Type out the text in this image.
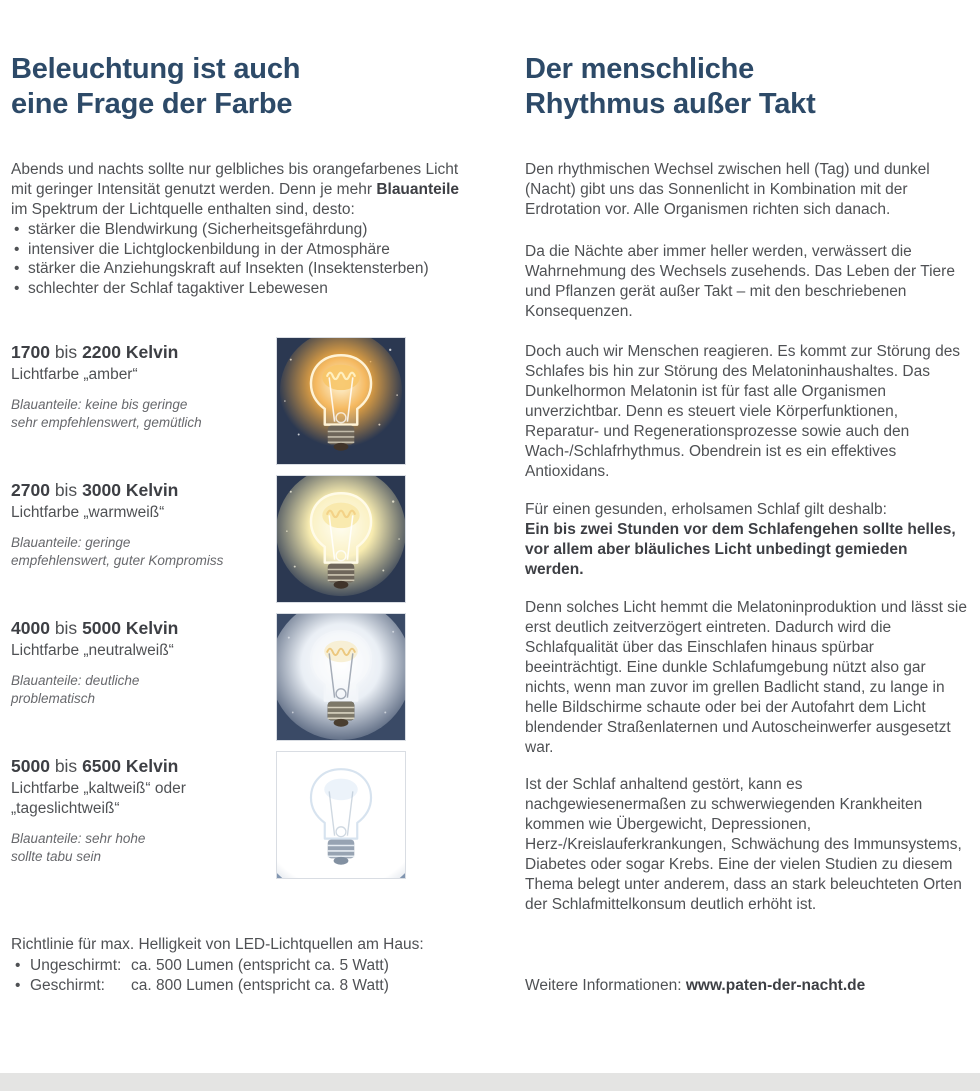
Beleuchtung ist auch
eine Frage der Farbe

Abends und nachts sollte nur gelbliches bis orangefarbenes Licht mit geringer Intensität genutzt werden. Denn je mehr Blauanteile im Spektrum der Lichtquelle enthalten sind, desto:

• stärker die Blendwirkung (Sicherheitsgefährdung)
• intensiver die Lichtglockenbildung in der Atmosphäre
• stärker die Anziehungskraft auf Insekten (Insektensterben)
• schlechter der Schlaf tagaktiver Lebewesen
1700 bis 2200 Kelvin
Lichtfarbe „amber“
Blauanteile: keine bis geringe
sehr empfehlenswert, gemütlich
2700 bis 3000 Kelvin
Lichtfarbe „warmweiß“
Blauanteile: geringe
empfehlenswert, guter Kompromiss
4000 bis 5000 Kelvin
Lichtfarbe „neutralweiß“
Blauanteile: deutliche
problematisch
5000 bis 6500 Kelvin
Lichtfarbe „kaltweiß“ oder „tageslichtweiß“
Blauanteile: sehr hohe
sollte tabu sein

Richtlinie für max. Helligkeit von LED-Lichtquellen am Haus:

• Ungeschirmt: ca. 500 Lumen (entspricht ca. 5 Watt)
• Geschirmt:	ca. 800 Lumen (entspricht ca. 8 Watt)
Der menschliche
Rhythmus außer Takt

Den rhythmischen Wechsel zwischen hell (Tag) und dunkel (Nacht) gibt uns das Sonnenlicht in Kombination mit der Erdrotation vor. Alle Organismen richten sich danach.

Da die Nächte aber immer heller werden, verwässert die Wahrnehmung des Wechsels zusehends. Das Leben der Tiere und Pflanzen gerät außer Takt – mit den beschriebenen Konsequenzen.

Doch auch wir Menschen reagieren. Es kommt zur Störung des Schlafes bis hin zur Störung des Melatoninhaushaltes. Das Dunkelhormon Melatonin ist für fast alle Organismen unverzichtbar. Denn es steuert viele Körperfunktionen, Reparatur- und Regenerationsprozesse sowie auch den Wach-/Schlafrhythmus. Obendrein ist es ein effektives Antioxidans.

Für einen gesunden, erholsamen Schlaf gilt deshalb:
Ein bis zwei Stunden vor dem Schlafengehen sollte helles, vor allem aber bläuliches Licht unbedingt gemieden werden.

Denn solches Licht hemmt die Melatoninproduktion und lässt sie erst deutlich zeitverzögert eintreten. Dadurch wird die Schlafqualität über das Einschlafen hinaus spürbar beeinträchtigt. Eine dunkle Schlafumgebung nützt also gar nichts, wenn man zuvor im grellen Badlicht stand, zu lange in helle Bildschirme schaute oder bei der Autofahrt dem Licht blendender Straßenlaternen und Autoscheinwerfer ausgesetzt war.

Ist der Schlaf anhaltend gestört, kann es nachgewiesenermaßen zu schwerwiegenden Krankheiten kommen wie Übergewicht, Depressionen, Herz-/Kreislauferkrankungen, Schwächung des Immunsystems, Diabetes oder sogar Krebs. Eine der vielen Studien zu diesem Thema belegt unter anderem, dass an stark beleuchteten Orten der Schlafmittelkonsum deutlich erhöht ist.

Weitere Informationen: www.paten-der-nacht.de
